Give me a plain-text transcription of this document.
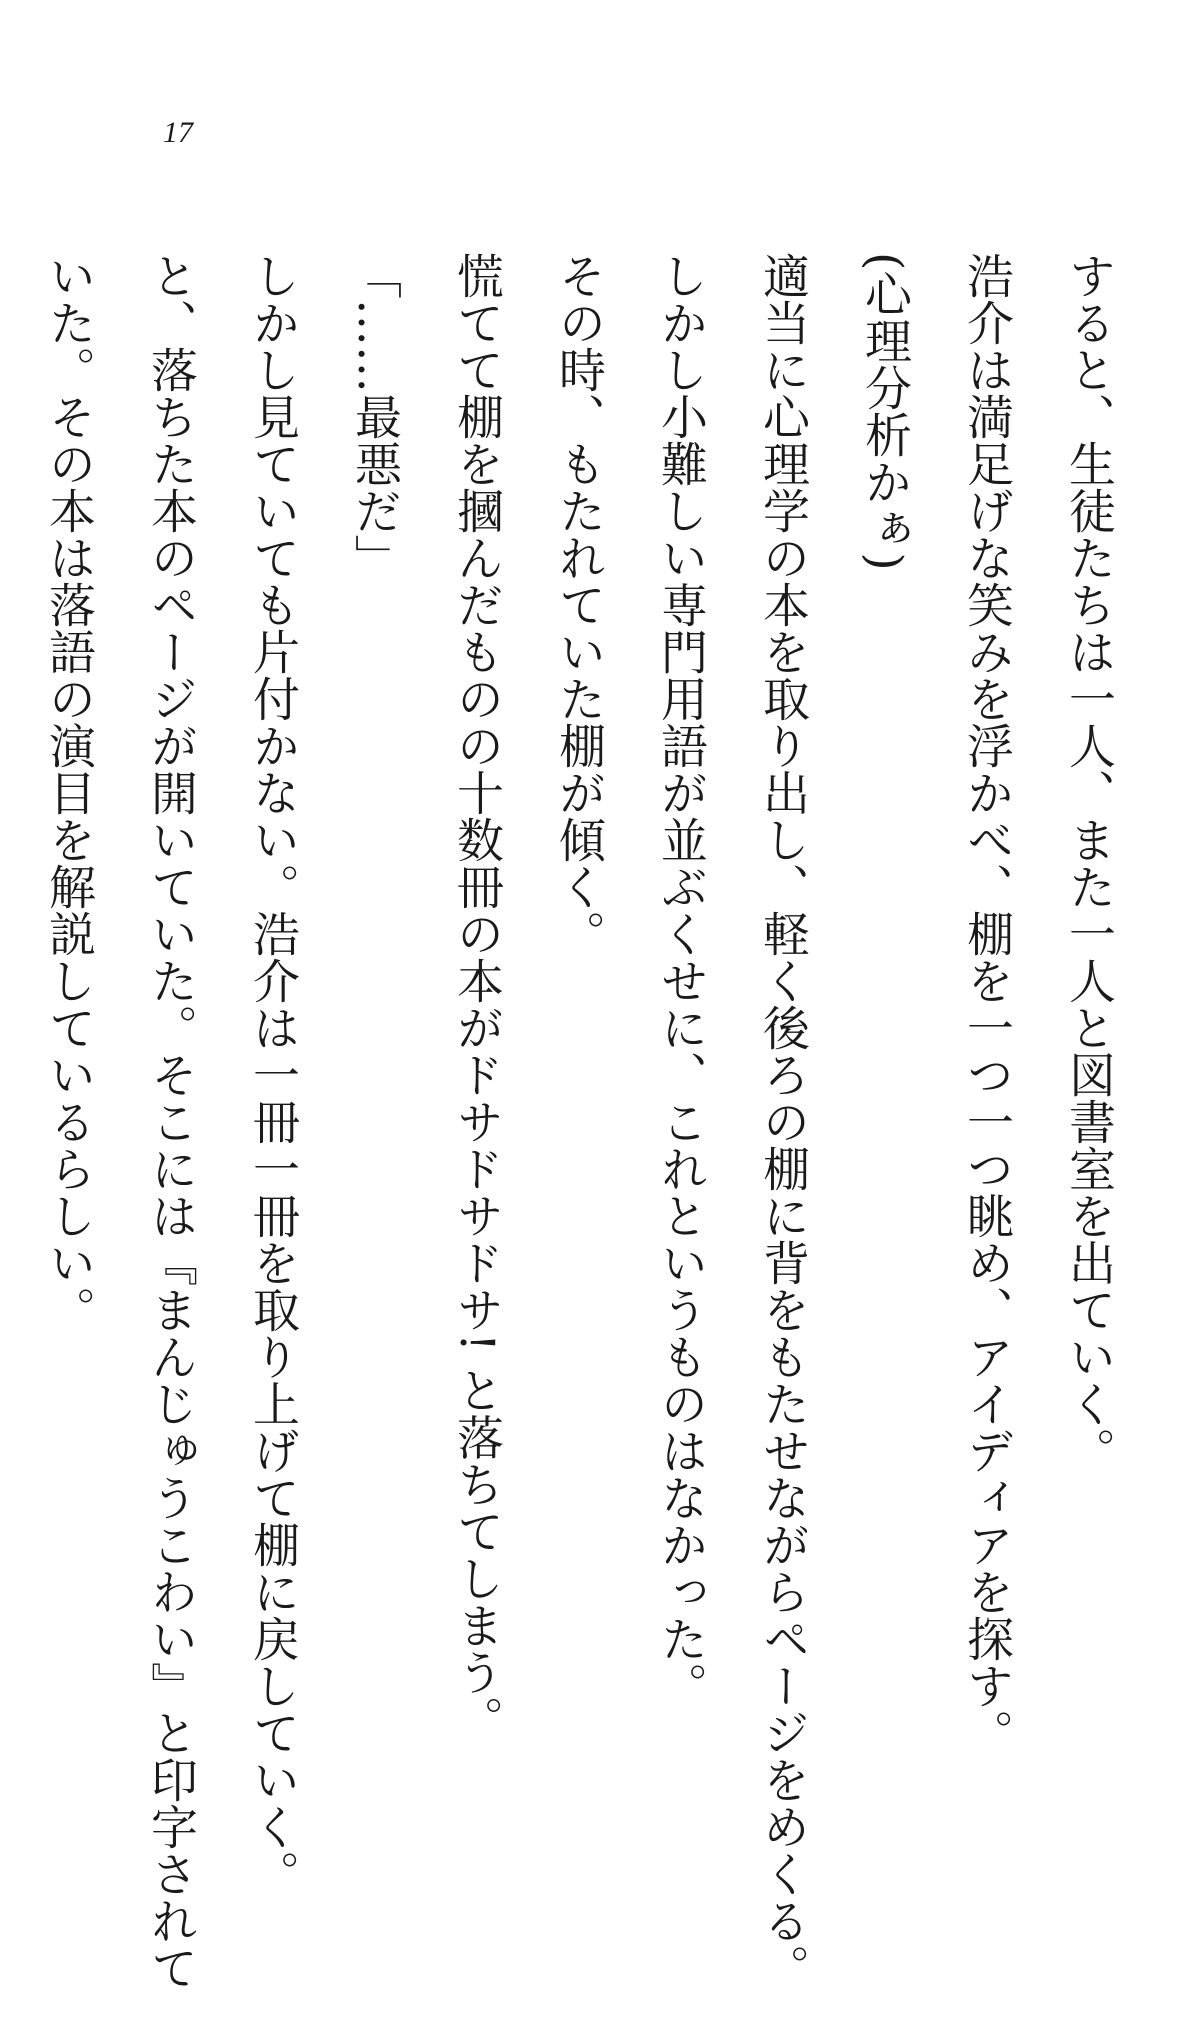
17
すると、生徒たちは一人、また一人と図書室を出ていく。
浩介は満足げな笑みを浮かべ、棚を一つ一つ眺め、アイディアを探す。
(心理分析かぁ)
適当に心理学の本を取り出し、軽く後ろの棚に背をもたせながらページをめくる。
しかし小難しい専門用語が並ぶくせに、これというものはなかった。
その時、もたれていた棚が傾く。
慌てて棚を摑んだものの十数冊の本がドサドサドサ! と落ちてしまう。
「……最悪だ」
しかし見ていても片付かない。浩介は一冊一冊を取り上げて棚に戻していく。
と、落ちた本のページが開いていた。そこには『まんじゅうこわい』と印字されて
いた。その本は落語の演目を解説しているらしい。
